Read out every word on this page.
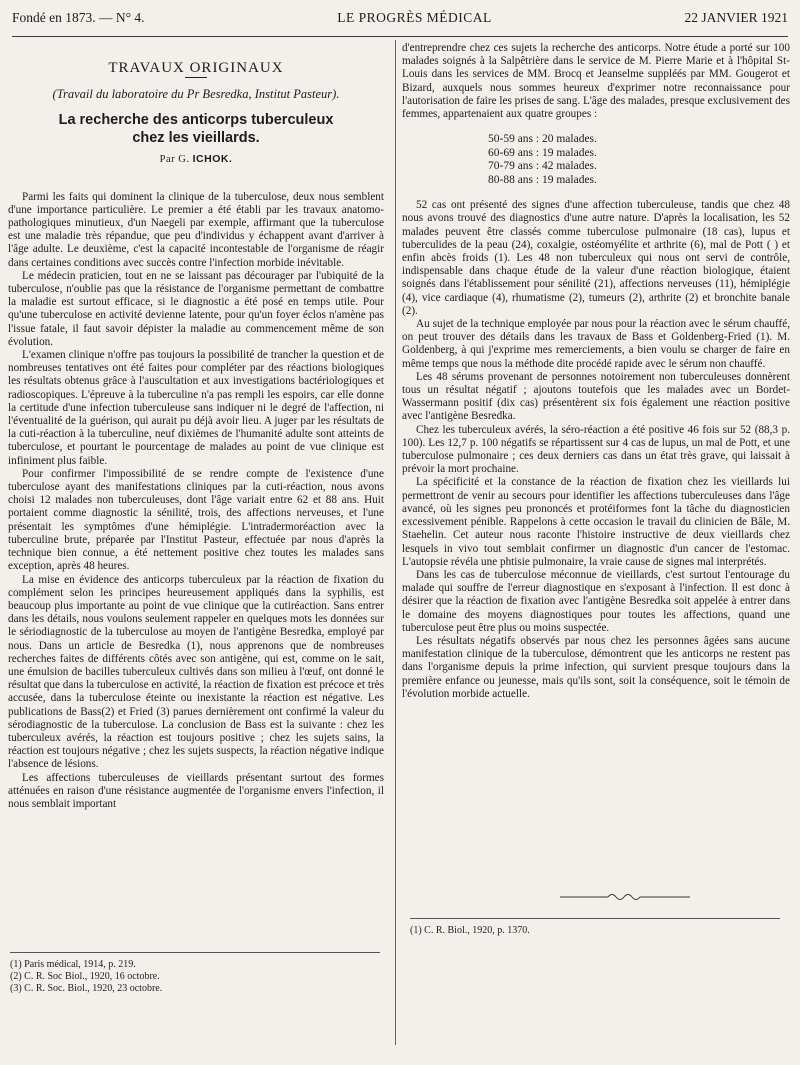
Fondé en 1873. — N° 4.	LE PROGRÈS MÉDICAL	22 JANVIER 1921
TRAVAUX ORIGINAUX
(Travail du laboratoire du Pr Besredka, Institut Pasteur).
La recherche des anticorps tuberculeux
chez les vieillards.
Par G. ICHOK.

Parmi les faits qui dominent la clinique de la tuberculose, deux nous semblent d'une importance particulière. Le premier a été établi par les travaux anatomo-pathologiques minutieux, d'un Naegeli par exemple, affirmant que la tuberculose est une maladie très répandue, que peu d'individus y échappent avant d'arriver à l'âge adulte. Le deuxième, c'est la capacité incontestable de l'organisme de réagir dans certaines conditions avec succès contre l'infection morbide inévitable.

Le médecin praticien, tout en ne se laissant pas décourager par l'ubiquité de la tuberculose, n'oublie pas que la résistance de l'organisme permettant de combattre la maladie est surtout efficace, si le diagnostic a été posé en temps utile. Pour qu'une tuberculose en activité devienne latente, pour qu'un foyer éclos n'amène pas l'issue fatale, il faut savoir dépister la maladie au commencement même de son évolution.

L'examen clinique n'offre pas toujours la possibilité de trancher la question et de nombreuses tentatives ont été faites pour compléter par des réactions biologiques les résultats obtenus grâce à l'auscultation et aux investigations bactériologiques et radioscopiques. L'épreuve à la tuberculine n'a pas rempli les espoirs, car elle donne la certitude d'une infection tuberculeuse sans indiquer ni le degré de l'affection, ni l'éventualité de la guérison, qui aurait pu déjà avoir lieu. A juger par les résultats de la cuti-réaction à la tuberculine, neuf dixièmes de l'humanité adulte sont atteints de tuberculose, et pourtant le pourcentage de malades au point de vue clinique est infiniment plus faible.

Pour confirmer l'impossibilité de se rendre compte de l'existence d'une tuberculose ayant des manifestations cliniques par la cuti-réaction, nous avons choisi 12 malades non tuberculeuses, dont l'âge variait entre 62 et 88 ans. Huit portaient comme diagnostic la sénilité, trois, des affections nerveuses, et l'une présentait les symptômes d'une hémiplégie. L'intradermoréaction avec la tuberculine brute, préparée par l'Institut Pasteur, effectuée par nous d'après la technique bien connue, a été nettement positive chez toutes les malades sans exception, après 48 heures.

La mise en évidence des anticorps tuberculeux par la réaction de fixation du complément selon les principes heureusement appliqués dans la syphilis, est beaucoup plus importante au point de vue clinique que la cutiréaction. Sans entrer dans les détails, nous voulons seulement rappeler en quelques mots les données sur le sériodiagnostic de la tuberculose au moyen de l'antigène Besredka, employé par nous. Dans un article de Besredka (1), nous apprenons que de nombreuses recherches faites de différents côtés avec son antigène, qui est, comme on le sait, une émulsion de bacilles tuberculeux cultivés dans son milieu à l'œuf, ont donné le résultat que dans la tuberculose en activité, la réaction de fixation est précoce et très accusée, dans la tuberculose éteinte ou inexistante la réaction est négative. Les publications de Bass(2) et Fried (3) parues dernièrement ont confirmé la valeur du sérodiagnostic de la tuberculose. La conclusion de Bass est la suivante : chez les tuberculeux avérés, la réaction est toujours positive ; chez les sujets sains, la réaction est toujours négative ; chez les sujets suspects, la réaction négative indique l'absence de lésions.

Les affections tuberculeuses de vieillards présentant surtout des formes atténuées en raison d'une résistance augmentée de l'organisme envers l'infection, il nous semblait important

d'entreprendre chez ces sujets la recherche des anticorps. Notre étude a porté sur 100 malades soignés à la Salpêtrière dans le service de M. Pierre Marie et à l'hôpital St-Louis dans les services de MM. Brocq et Jeanselme suppléés par MM. Gougerot et Bizard, auxquels nous sommes heureux d'exprimer notre reconnaissance pour l'autorisation de faire les prises de sang. L'âge des malades, presque exclusivement des femmes, appartenaient aux quatre groupes :

50-59 ans : 20 malades.
60-69 ans : 19 malades.
70-79 ans : 42 malades.
80-88 ans : 19 malades.

52 cas ont présenté des signes d'une affection tuberculeuse, tandis que chez 48 nous avons trouvé des diagnostics d'une autre nature. D'après la localisation, les 52 malades peuvent être classés comme tuberculose pulmonaire (18 cas), lupus et tuberculides de la peau (24), coxalgie, ostéomyélite et arthrite (6), mal de Pott ( ) et enfin abcès froids (1). Les 48 non tuberculeux qui nous ont servi de contrôle, indispensable dans chaque étude de la valeur d'une réaction biologique, étaient soignés dans l'établissement pour sénilité (21), affections nerveuses (11), hémiplégie (4), vice cardiaque (4), rhumatisme (2), tumeurs (2), arthrite (2) et bronchite banale (2).

Au sujet de la technique employée par nous pour la réaction avec le sérum chauffé, on peut trouver des détails dans les travaux de Bass et Goldenberg-Fried (1). M. Goldenberg, à qui j'exprime mes remerciements, a bien voulu se charger de faire en même temps que nous la méthode dite procédé rapide avec le sérum non chauffé.

Les 48 sérums provenant de personnes notoirement non tuberculeuses donnèrent tous un résultat négatif ; ajoutons toutefois que les malades avec un Bordet-Wassermann positif (dix cas) présentèrent six fois également une réaction positive avec l'antigène Besredka.

Chez les tuberculeux avérés, la séro-réaction a été positive 46 fois sur 52 (88,3 p. 100). Les 12,7 p. 100 négatifs se répartissent sur 4 cas de lupus, un mal de Pott, et une tuberculose pulmonaire ; ces deux derniers cas dans un état très grave, qui laissait à prévoir la mort prochaine.

La spécificité et la constance de la réaction de fixation chez les vieillards lui permettront de venir au secours pour identifier les affections tuberculeuses dans l'âge avancé, où les signes peu prononcés et protéiformes font la tâche du diagnosticien excessivement pénible. Rappelons à cette occasion le travail du clinicien de Bâle, M. Staehelin. Cet auteur nous raconte l'histoire instructive de deux vieillards chez lesquels in vivo tout semblait confirmer un diagnostic d'un cancer de l'estomac. L'autopsie révéla une phtisie pulmonaire, la vraie cause de signes mal interprétés.

Dans les cas de tuberculose méconnue de vieillards, c'est surtout l'entourage du malade qui souffre de l'erreur diagnostique en s'exposant à l'infection. Il est donc à désirer que la réaction de fixation avec l'antigène Besredka soit appelée à entrer dans le domaine des moyens diagnostiques pour toutes les affections, quand une tuberculose peut être plus ou moins suspectée.

Les résultats négatifs observés par nous chez les personnes âgées sans aucune manifestation clinique de la tuberculose, démontrent que les anticorps ne restent pas dans l'organisme depuis la prime infection, qui survient presque toujours dans la première enfance ou jeunesse, mais qu'ils sont, soit la conséquence, soit le témoin de l'évolution morbide actuelle.

(1) Paris médical, 1914, p. 219.
(2) C. R. Soc Biol., 1920, 16 octobre.
(3) C. R. Soc. Biol., 1920, 23 octobre.
(1) C. R. Biol., 1920, p. 1370.
